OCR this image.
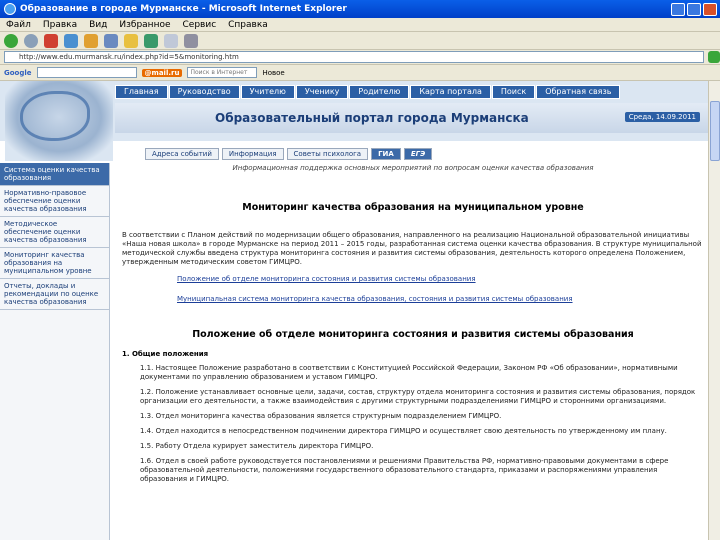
Образование в городе Мурманске - Microsoft Internet Explorer
Файл Правка Вид Избранное Сервис Справка
http://www.edu.murmansk.ru/index.php?id=5&monitoring.htm
Google	@mail.ru	Поиск в Интернет	Новое
Главная	Руководство	Учителю	Ученику	Родителю	Карта портала	Поиск	Обратная связь
Образовательный портал города Мурманска	Среда, 14.09.2011
Адреса событий	Информация	Советы психолога	ГИА	ЕГЭ
Система оценки качества образования
Нормативно-правовое обеспечение оценки качества образования
Методическое обеспечение оценки качества образования
Мониторинг качества образования на муниципальном уровне
Отчеты, доклады и рекомендации по оценке качества образования
Информационная поддержка основных мероприятий по вопросам оценки качества образования
Мониторинг качества образования на муниципальном уровне
В соответствии с Планом действий по модернизации общего образования, направленного на реализацию Национальной образовательной инициативы «Наша новая школа» в городе Мурманске на период 2011 – 2015 годы, разработанная система оценки качества образования. В структуре муниципальной методической службы введена структура мониторинга состояния и развития системы образования, деятельность которого определена Положением, утвержденным методическим советом ГИМЦРО.
Положение об отделе мониторинга состояния и развития системы образования
Муниципальная система мониторинга качества образования, состояния и развития системы образования
Положение об отделе мониторинга состояния и развития системы образования
1. Общие положения
1.1. Настоящее Положение разработано в соответствии с Конституцией Российской Федерации, Законом РФ «Об образовании», нормативными документами по управлению образованием и уставом ГИМЦРО.
1.2. Положение устанавливает основные цели, задачи, состав, структуру отдела мониторинга состояния и развития системы образования, порядок организации его деятельности, а также взаимодействия с другими структурными подразделениями ГИМЦРО и сторонними организациями.
1.3. Отдел мониторинга качества образования является структурным подразделением ГИМЦРО.
1.4. Отдел находится в непосредственном подчинении директора ГИМЦРО и осуществляет свою деятельность по утвержденному им плану.
1.5. Работу Отдела курирует заместитель директора ГИМЦРО.
1.6. Отдел в своей работе руководствуется постановлениями и решениями Правительства РФ, нормативно-правовыми документами в сфере образовательной деятельности, положениями государственного образовательного стандарта, приказами и распоряжениями управления образования и ГИМЦРО.
